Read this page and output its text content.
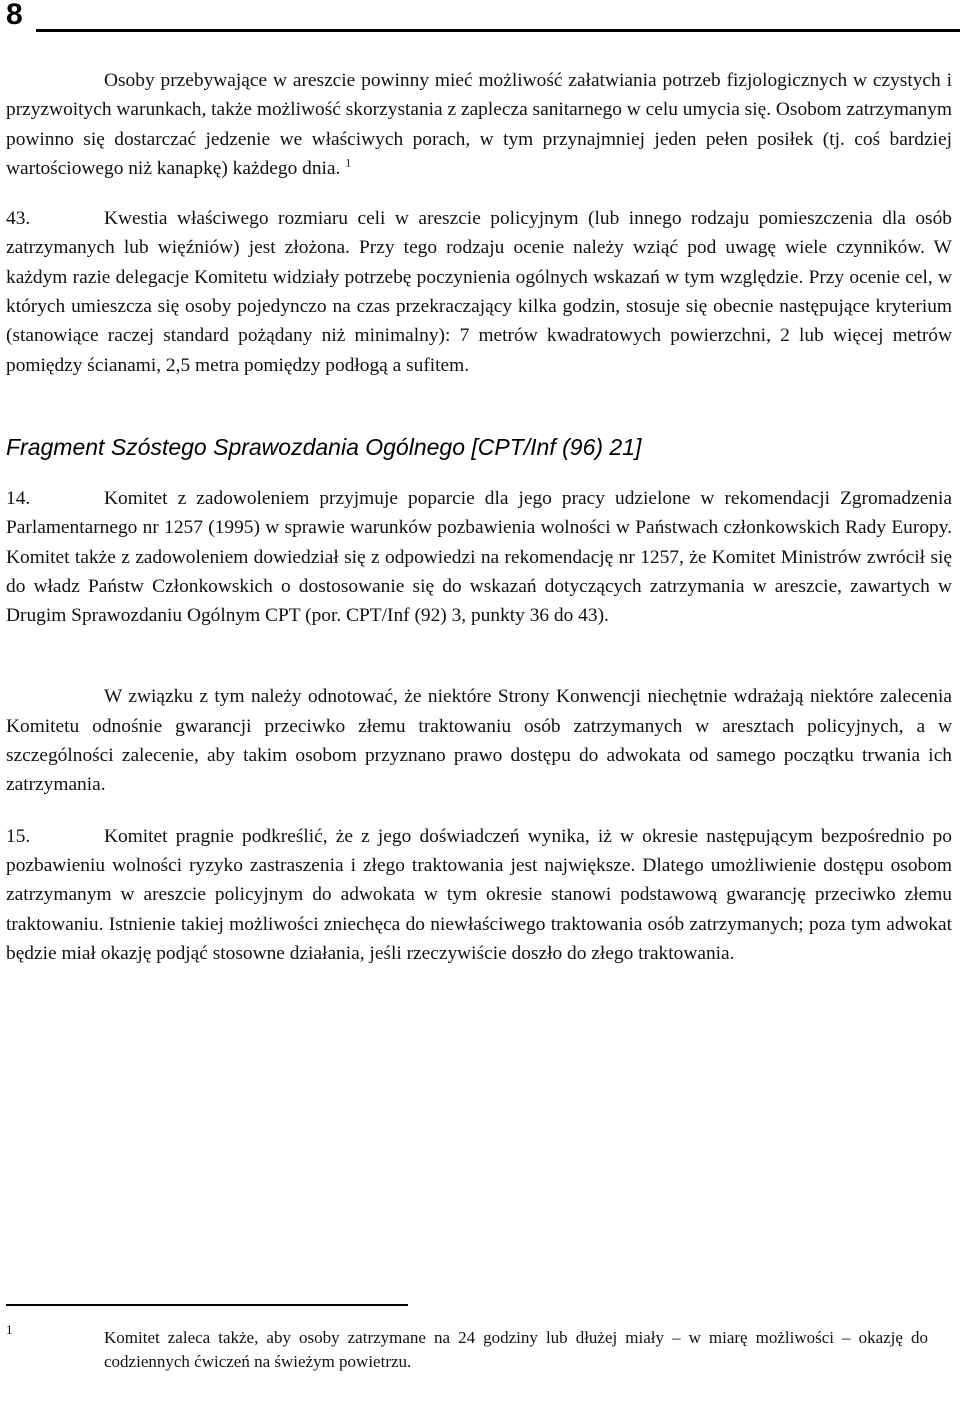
8

Osoby przebywające w areszcie powinny mieć możliwość załatwiania potrzeb fizjologicznych w czystych i przyzwoitych warunkach, także możliwość skorzystania z zaplecza sanitarnego w celu umycia się. Osobom zatrzymanym powinno się dostarczać jedzenie we właściwych porach, w tym przynajmniej jeden pełen posiłek (tj. coś bardziej wartościowego niż kanapkę) każdego dnia. $^1$

43.	Kwestia właściwego rozmiaru celi w areszcie policyjnym (lub innego rodzaju pomieszczenia dla osób zatrzymanych lub więźniów) jest złożona. Przy tego rodzaju ocenie należy wziąć pod uwagę wiele czynników. W każdym razie delegacje Komitetu widziały potrzebę poczynienia ogólnych wskazań w tym względzie. Przy ocenie cel, w których umieszcza się osoby pojedynczo na czas przekraczający kilka godzin, stosuje się obecnie następujące kryterium (stanowiące raczej standard pożądany niż minimalny): 7 metrów kwadratowych powierzchni, 2 lub więcej metrów pomiędzy ścianami, 2,5 metra pomiędzy podłogą a sufitem.

Fragment Szóstego Sprawozdania Ogólnego [CPT/Inf (96) 21]

14.	Komitet z zadowoleniem przyjmuje poparcie dla jego pracy udzielone w rekomendacji Zgromadzenia Parlamentarnego nr 1257 (1995) w sprawie warunków pozbawienia wolności w Państwach członkowskich Rady Europy. Komitet także z zadowoleniem dowiedział się z odpowiedzi na rekomendację nr 1257, że Komitet Ministrów zwrócił się do władz Państw Członkowskich o dostosowanie się do wskazań dotyczących zatrzymania w areszcie, zawartych w Drugim Sprawozdaniu Ogólnym CPT (por. CPT/Inf (92) 3, punkty 36 do 43).

W związku z tym należy odnotować, że niektóre Strony Konwencji niechętnie wdrażają niektóre zalecenia Komitetu odnośnie gwarancji przeciwko złemu traktowaniu osób zatrzymanych w aresztach policyjnych, a w szczególności zalecenie, aby takim osobom przyznano prawo dostępu do adwokata od samego początku trwania ich zatrzymania.

15.	Komitet pragnie podkreślić, że z jego doświadczeń wynika, iż w okresie następującym bezpośrednio po pozbawieniu wolności ryzyko zastraszenia i złego traktowania jest największe. Dlatego umożliwienie dostępu osobom zatrzymanym w areszcie policyjnym do adwokata w tym okresie stanowi podstawową gwarancję przeciwko złemu traktowaniu. Istnienie takiej możliwości zniechęca do niewłaściwego traktowania osób zatrzymanych; poza tym adwokat będzie miał okazję podjąć stosowne działania, jeśli rzeczywiście doszło do złego traktowania.

1	Komitet zaleca także, aby osoby zatrzymane na 24 godziny lub dłużej miały – w miarę możliwości – okazję do codziennych ćwiczeń na świeżym powietrzu.
